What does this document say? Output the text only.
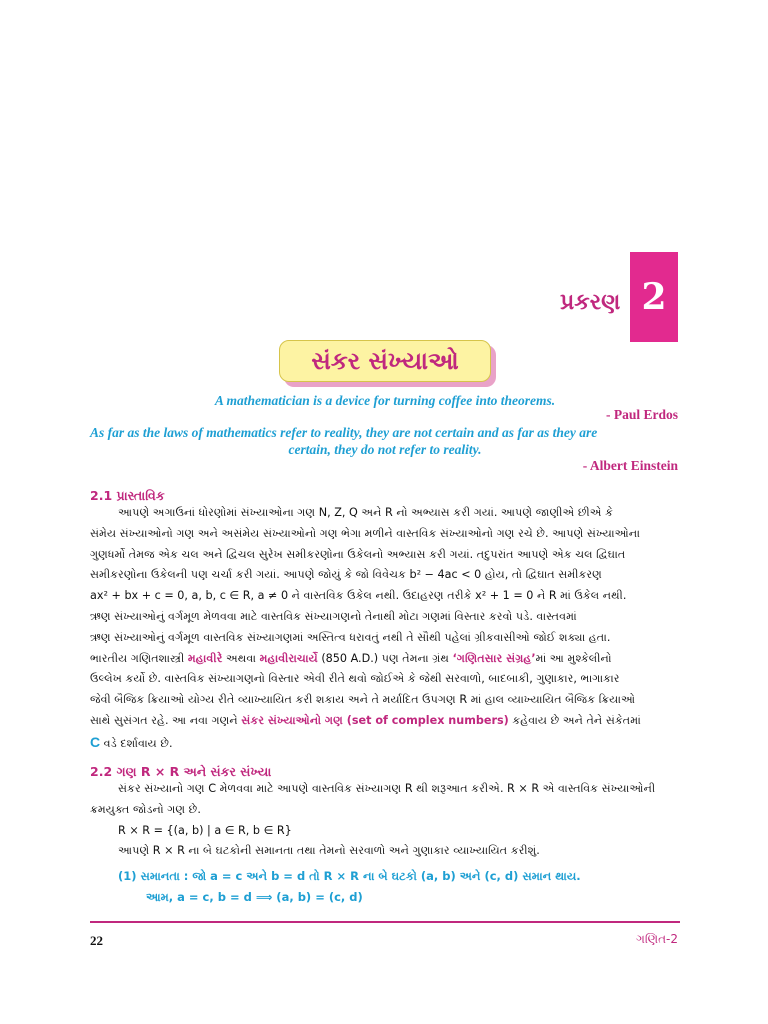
પ્રકરણ 2
સંકર સંખ્યાઓ
A mathematician is a device for turning coffee into theorems.
- Paul Erdos
As far as the laws of mathematics refer to reality, they are not certain and as far as they are
certain, they do not refer to reality.
- Albert Einstein
2.1 પ્રાસ્તાવિક
આપણે અગાઉનાં ધોરણોમાં સંખ્યાઓના ગણ N, Z, Q અને R નો અભ્યાસ કરી ગયાં. આપણે જાણીએ છીએ કે
સંમેય સંખ્યાઓનો ગણ અને અસંમેય સંખ્યાઓનો ગણ ભેગા મળીને વાસ્તવિક સંખ્યાઓનો ગણ રચે છે. આપણે સંખ્યાઓના
ગુણધર્મો તેમજ એક ચલ અને દ્વિચલ સુરેખ સમીકરણોના ઉકેલનો અભ્યાસ કરી ગયાં. તદુપરાંત આપણે એક ચલ દ્વિઘાત
સમીકરણોના ઉકેલની પણ ચર્ચા કરી ગયાં. આપણે જોયું કે જો વિવેચક b² − 4ac < 0 હોય, તો દ્વિઘાત સમીકરણ
ax² + bx + c = 0, a, b, c ∈ R, a ≠ 0 ને વાસ્તવિક ઉકેલ નથી. ઉદાહરણ તરીકે x² + 1 = 0 ને R માં ઉકેલ નથી.
ઋણ સંખ્યાઓનું વર્ગમૂળ મેળવવા માટે વાસ્તવિક સંખ્યાગણનો તેનાથી મોટા ગણમાં વિસ્તાર કરવો પડે. વાસ્તવમાં
ઋણ સંખ્યાઓનું વર્ગમૂળ વાસ્તવિક સંખ્યાગણમાં અસ્તિત્વ ધરાવતું નથી તે સૌથી પહેલાં ગ્રીકવાસીઓ જોઈ શક્યા હતા.
ભારતીય ગણિતશાસ્ત્રી મહાવીરે અથવા મહાવીરાચાર્યે (850 A.D.) પણ તેમના ગ્રંથ ‘ગણિતસાર સંગ્રહ’માં આ મુશ્કેલીનો
ઉલ્લેખ કર્યો છે. વાસ્તવિક સંખ્યાગણનો વિસ્તાર એવી રીતે થવો જોઈએ કે જેથી સરવાળો, બાદબાકી, ગુણાકાર, ભાગાકાર
જેવી બૈજિક ક્રિયાઓ યોગ્ય રીતે વ્યાખ્યાયિત કરી શકાય અને તે મર્યાદિત ઉપગણ R માં હાલ વ્યાખ્યાયિત બૈજિક ક્રિયાઓ
સાથે સુસંગત રહે. આ નવા ગણને સંકર સંખ્યાઓનો ગણ (set of complex numbers) કહેવાય છે અને તેને સંકેતમાં
C વડે દર્શાવાય છે.
2.2 ગણ R × R અને સંકર સંખ્યા
સંકર સંખ્યાનો ગણ C મેળવવા માટે આપણે વાસ્તવિક સંખ્યાગણ R થી શરૂઆત કરીએ. R × R એ વાસ્તવિક સંખ્યાઓની
ક્રમયુક્ત જોડનો ગણ છે.
R × R = {(a, b) | a ∈ R, b ∈ R}
આપણે R × R ના બે ઘટકોની સમાનતા તથા તેમનો સરવાળો અને ગુણાકાર વ્યાખ્યાયિત કરીશું.
(1) સમાનતા : જો a = c અને b = d તો R × R ના બે ઘટકો (a, b) અને (c, d) સમાન થાય.
આમ, a = c, b = d ⟹ (a, b) = (c, d)
22	ગણિત-2
